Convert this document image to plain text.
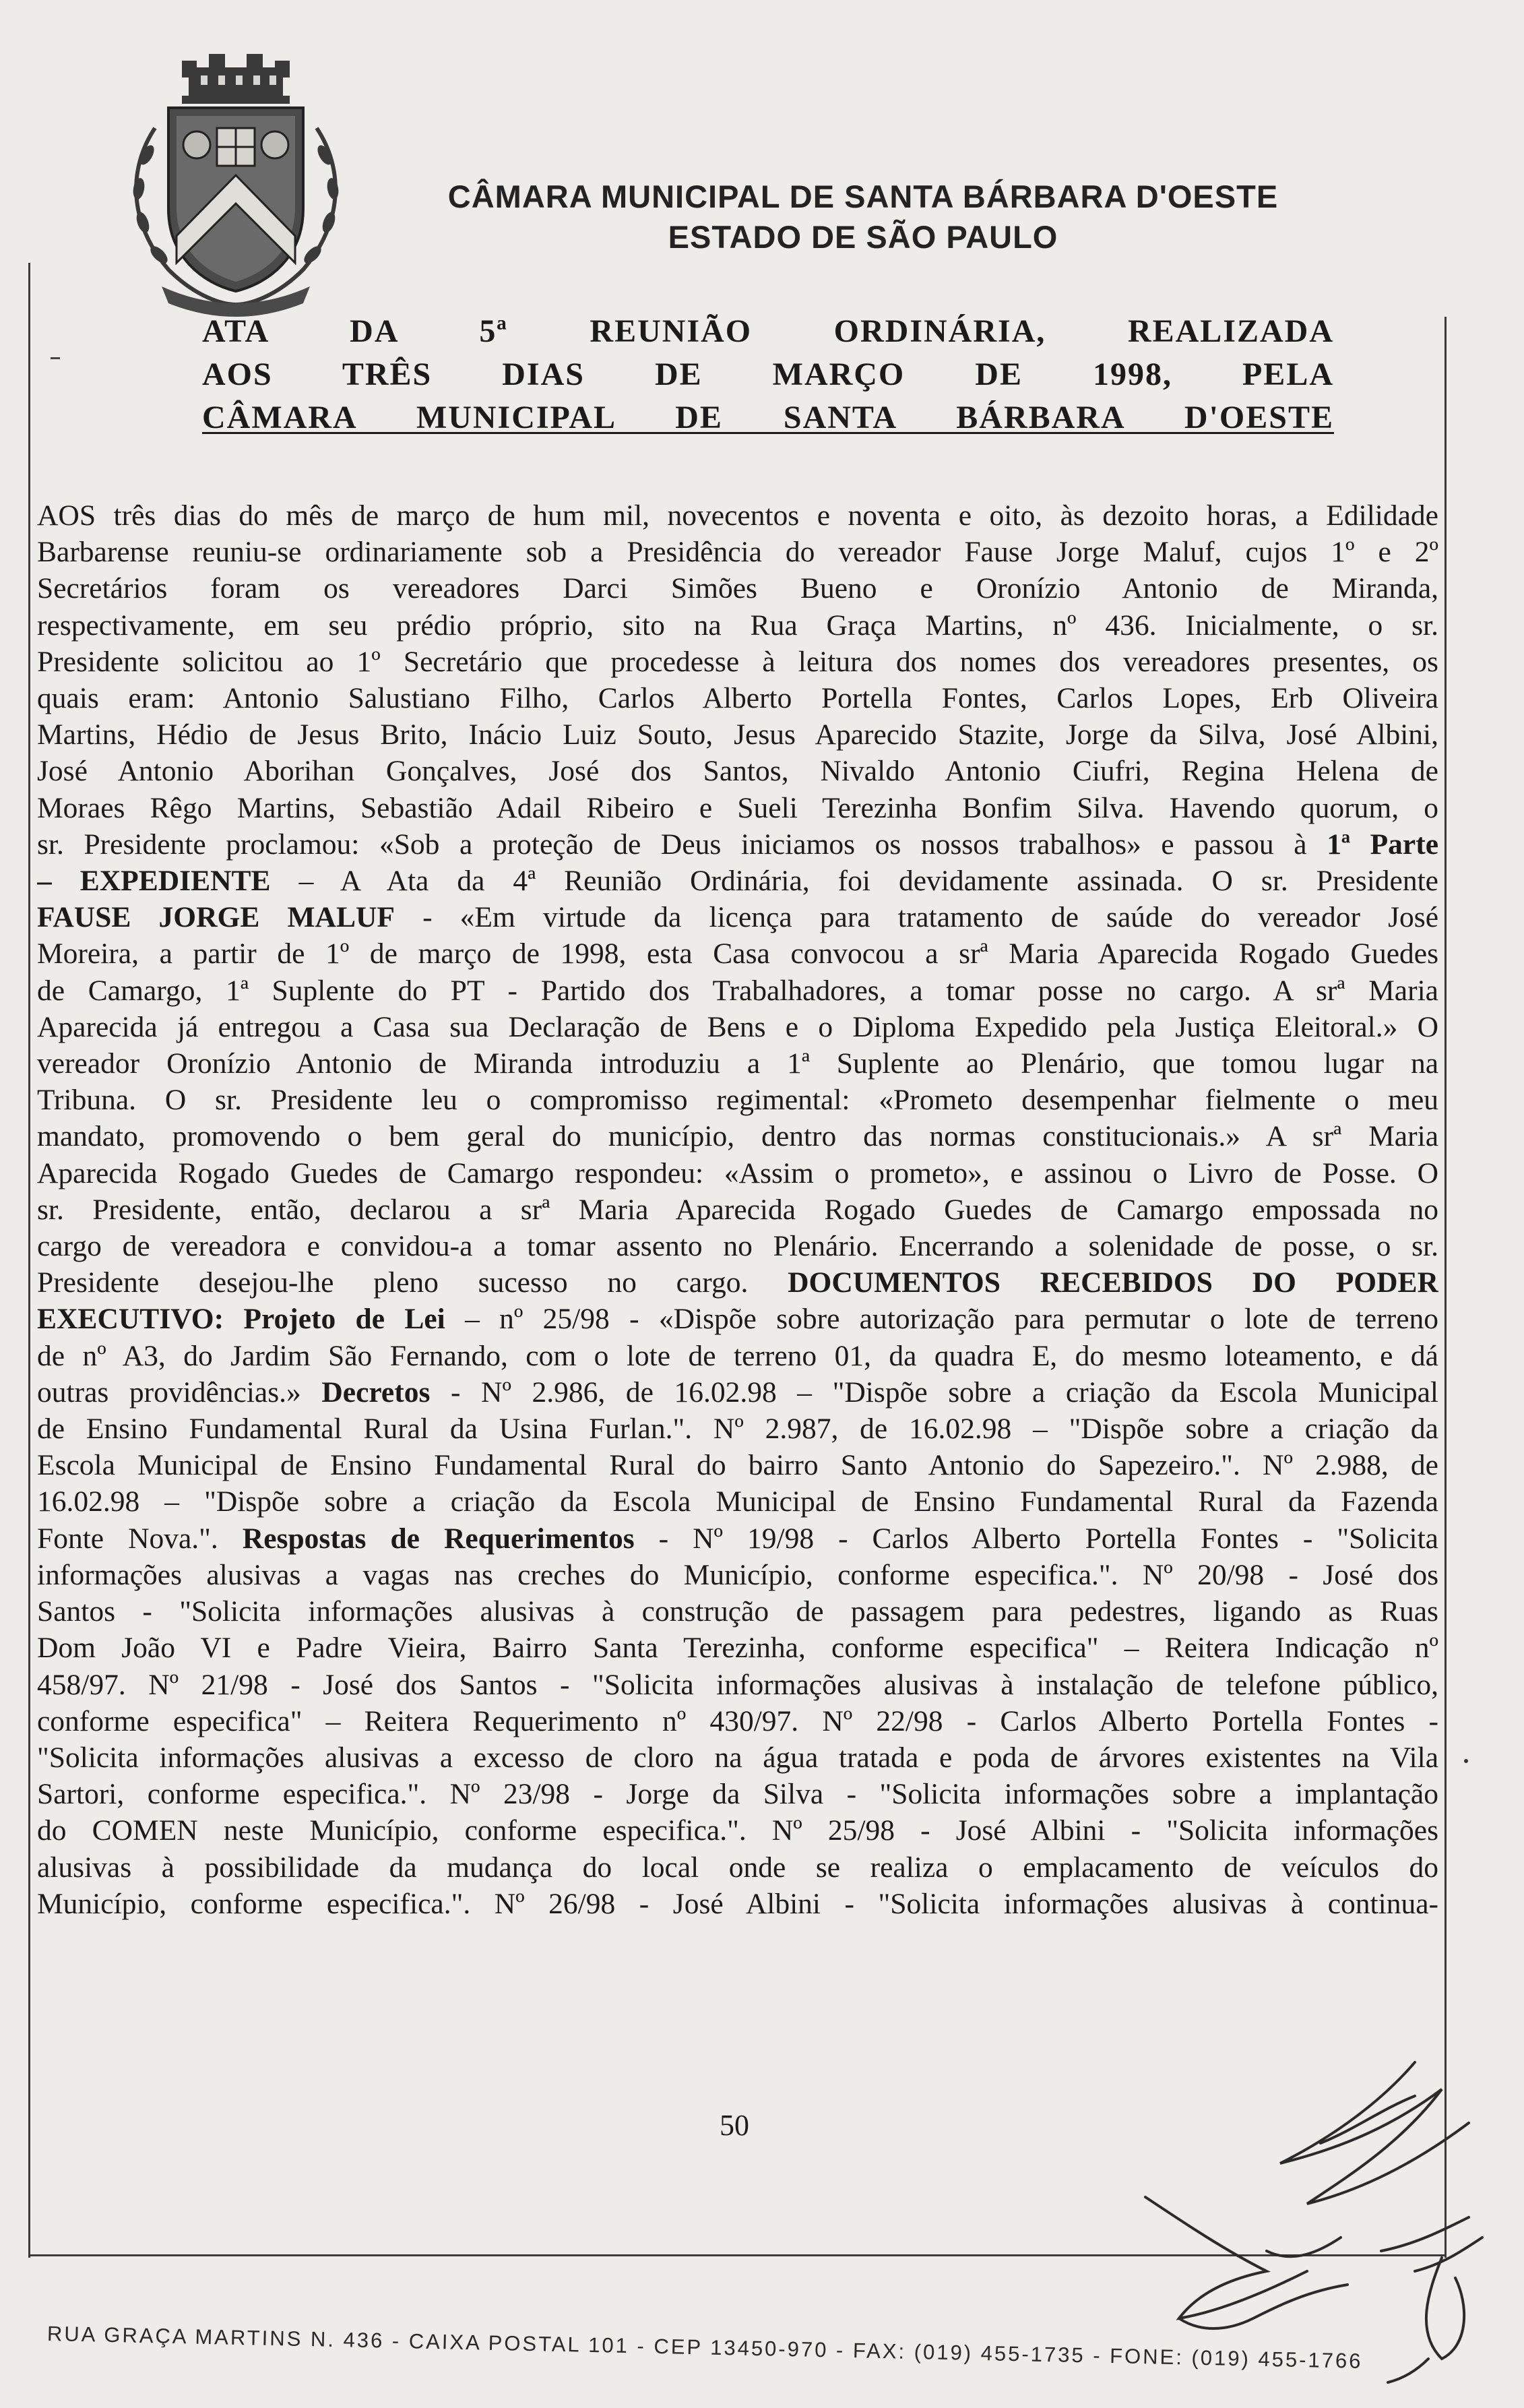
CÂMARA MUNICIPAL DE SANTA BÁRBARA D'OESTE
ESTADO DE SÃO PAULO
ATA DA 5ª REUNIÃO ORDINÁRIA, REALIZADA
AOS TRÊS DIAS DE MARÇO DE 1998, PELA
CÂMARA MUNICIPAL DE SANTA BÁRBARA D'OESTE
AOS três dias do mês de março de hum mil, novecentos e noventa e oito, às dezoito horas, a Edilidade
Barbarense reuniu-se ordinariamente sob a Presidência do vereador Fause Jorge Maluf, cujos 1º e 2º
Secretários foram os vereadores Darci Simões Bueno e Oronízio Antonio de Miranda,
respectivamente, em seu prédio próprio, sito na Rua Graça Martins, nº 436. Inicialmente, o sr.
Presidente solicitou ao 1º Secretário que procedesse à leitura dos nomes dos vereadores presentes, os
quais eram: Antonio Salustiano Filho, Carlos Alberto Portella Fontes, Carlos Lopes, Erb Oliveira
Martins, Hédio de Jesus Brito, Inácio Luiz Souto, Jesus Aparecido Stazite, Jorge da Silva, José Albini,
José Antonio Aborihan Gonçalves, José dos Santos, Nivaldo Antonio Ciufri, Regina Helena de
Moraes Rêgo Martins, Sebastião Adail Ribeiro e Sueli Terezinha Bonfim Silva. Havendo quorum, o
sr. Presidente proclamou: «Sob a proteção de Deus iniciamos os nossos trabalhos» e passou à 1ª Parte
– EXPEDIENTE – A Ata da 4ª Reunião Ordinária, foi devidamente assinada. O sr. Presidente
FAUSE JORGE MALUF - «Em virtude da licença para tratamento de saúde do vereador José
Moreira, a partir de 1º de março de 1998, esta Casa convocou a srª Maria Aparecida Rogado Guedes
de Camargo, 1ª Suplente do PT - Partido dos Trabalhadores, a tomar posse no cargo. A srª Maria
Aparecida já entregou a Casa sua Declaração de Bens e o Diploma Expedido pela Justiça Eleitoral.» O
vereador Oronízio Antonio de Miranda introduziu a 1ª Suplente ao Plenário, que tomou lugar na
Tribuna. O sr. Presidente leu o compromisso regimental: «Prometo desempenhar fielmente o meu
mandato, promovendo o bem geral do município, dentro das normas constitucionais.» A srª Maria
Aparecida Rogado Guedes de Camargo respondeu: «Assim o prometo», e assinou o Livro de Posse. O
sr. Presidente, então, declarou a srª Maria Aparecida Rogado Guedes de Camargo empossada no
cargo de vereadora e convidou-a a tomar assento no Plenário. Encerrando a solenidade de posse, o sr.
Presidente desejou-lhe pleno sucesso no cargo. DOCUMENTOS RECEBIDOS DO PODER
EXECUTIVO: Projeto de Lei – nº 25/98 - «Dispõe sobre autorização para permutar o lote de terreno
de nº A3, do Jardim São Fernando, com o lote de terreno 01, da quadra E, do mesmo loteamento, e dá
outras providências.» Decretos - Nº 2.986, de 16.02.98 – "Dispõe sobre a criação da Escola Municipal
de Ensino Fundamental Rural da Usina Furlan.". Nº 2.987, de 16.02.98 – "Dispõe sobre a criação da
Escola Municipal de Ensino Fundamental Rural do bairro Santo Antonio do Sapezeiro.". Nº 2.988, de
16.02.98 – "Dispõe sobre a criação da Escola Municipal de Ensino Fundamental Rural da Fazenda
Fonte Nova.". Respostas de Requerimentos - Nº 19/98 - Carlos Alberto Portella Fontes - "Solicita
informações alusivas a vagas nas creches do Município, conforme especifica.". Nº 20/98 - José dos
Santos - "Solicita informações alusivas à construção de passagem para pedestres, ligando as Ruas
Dom João VI e Padre Vieira, Bairro Santa Terezinha, conforme especifica" – Reitera Indicação nº
458/97. Nº 21/98 - José dos Santos - "Solicita informações alusivas à instalação de telefone público,
conforme especifica" – Reitera Requerimento nº 430/97. Nº 22/98 - Carlos Alberto Portella Fontes -
"Solicita informações alusivas a excesso de cloro na água tratada e poda de árvores existentes na Vila
Sartori, conforme especifica.". Nº 23/98 - Jorge da Silva - "Solicita informações sobre a implantação
do COMEN neste Município, conforme especifica.". Nº 25/98 - José Albini - "Solicita informações
alusivas à possibilidade da mudança do local onde se realiza o emplacamento de veículos do
Município, conforme especifica.". Nº 26/98 - José Albini - "Solicita informações alusivas à continua-
50
RUA GRAÇA MARTINS N. 436 - CAIXA POSTAL 101 - CEP 13450-970 - FAX: (019) 455-1735 - FONE: (019) 455-1766
